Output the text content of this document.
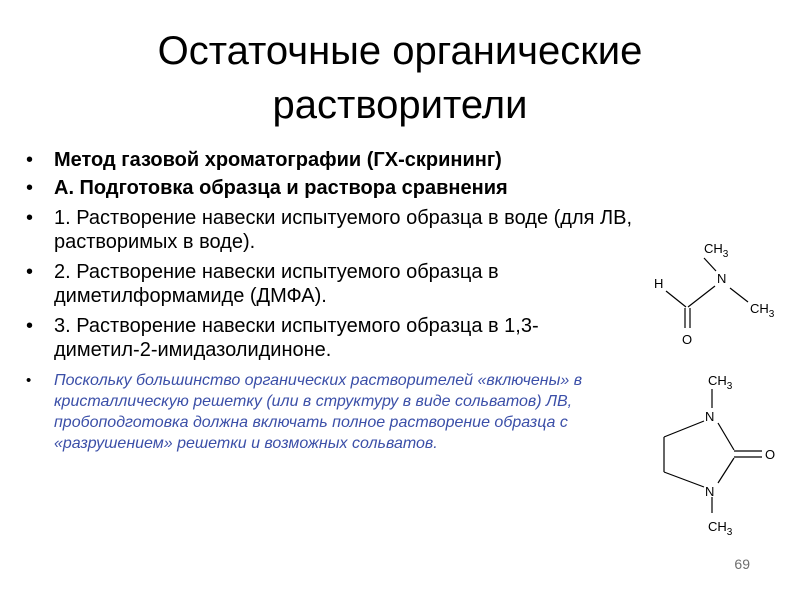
Остаточные органические растворители
• Метод газовой хроматографии (ГХ-скрининг)
• А. Подготовка образца и раствора сравнения
• 1. Растворение навески испытуемого образца в воде (для ЛВ, растворимых в воде).
• 2. Растворение навески испытуемого образца в диметилформамиде (ДМФА).
• 3. Растворение навески испытуемого образца в 1,3-диметил-2-имидазолидиноне.
• Поскольку большинство органических растворителей «включены» в кристаллическую решетку (или в структуру в виде сольватов) ЛВ, пробоподготовка должна включать полное растворение образца с «разрушением» решетки и возможных сольватов.
$CH_3$
N
$CH_3$
H
O
$CH_3$
N
O
N
$CH_3$
69
